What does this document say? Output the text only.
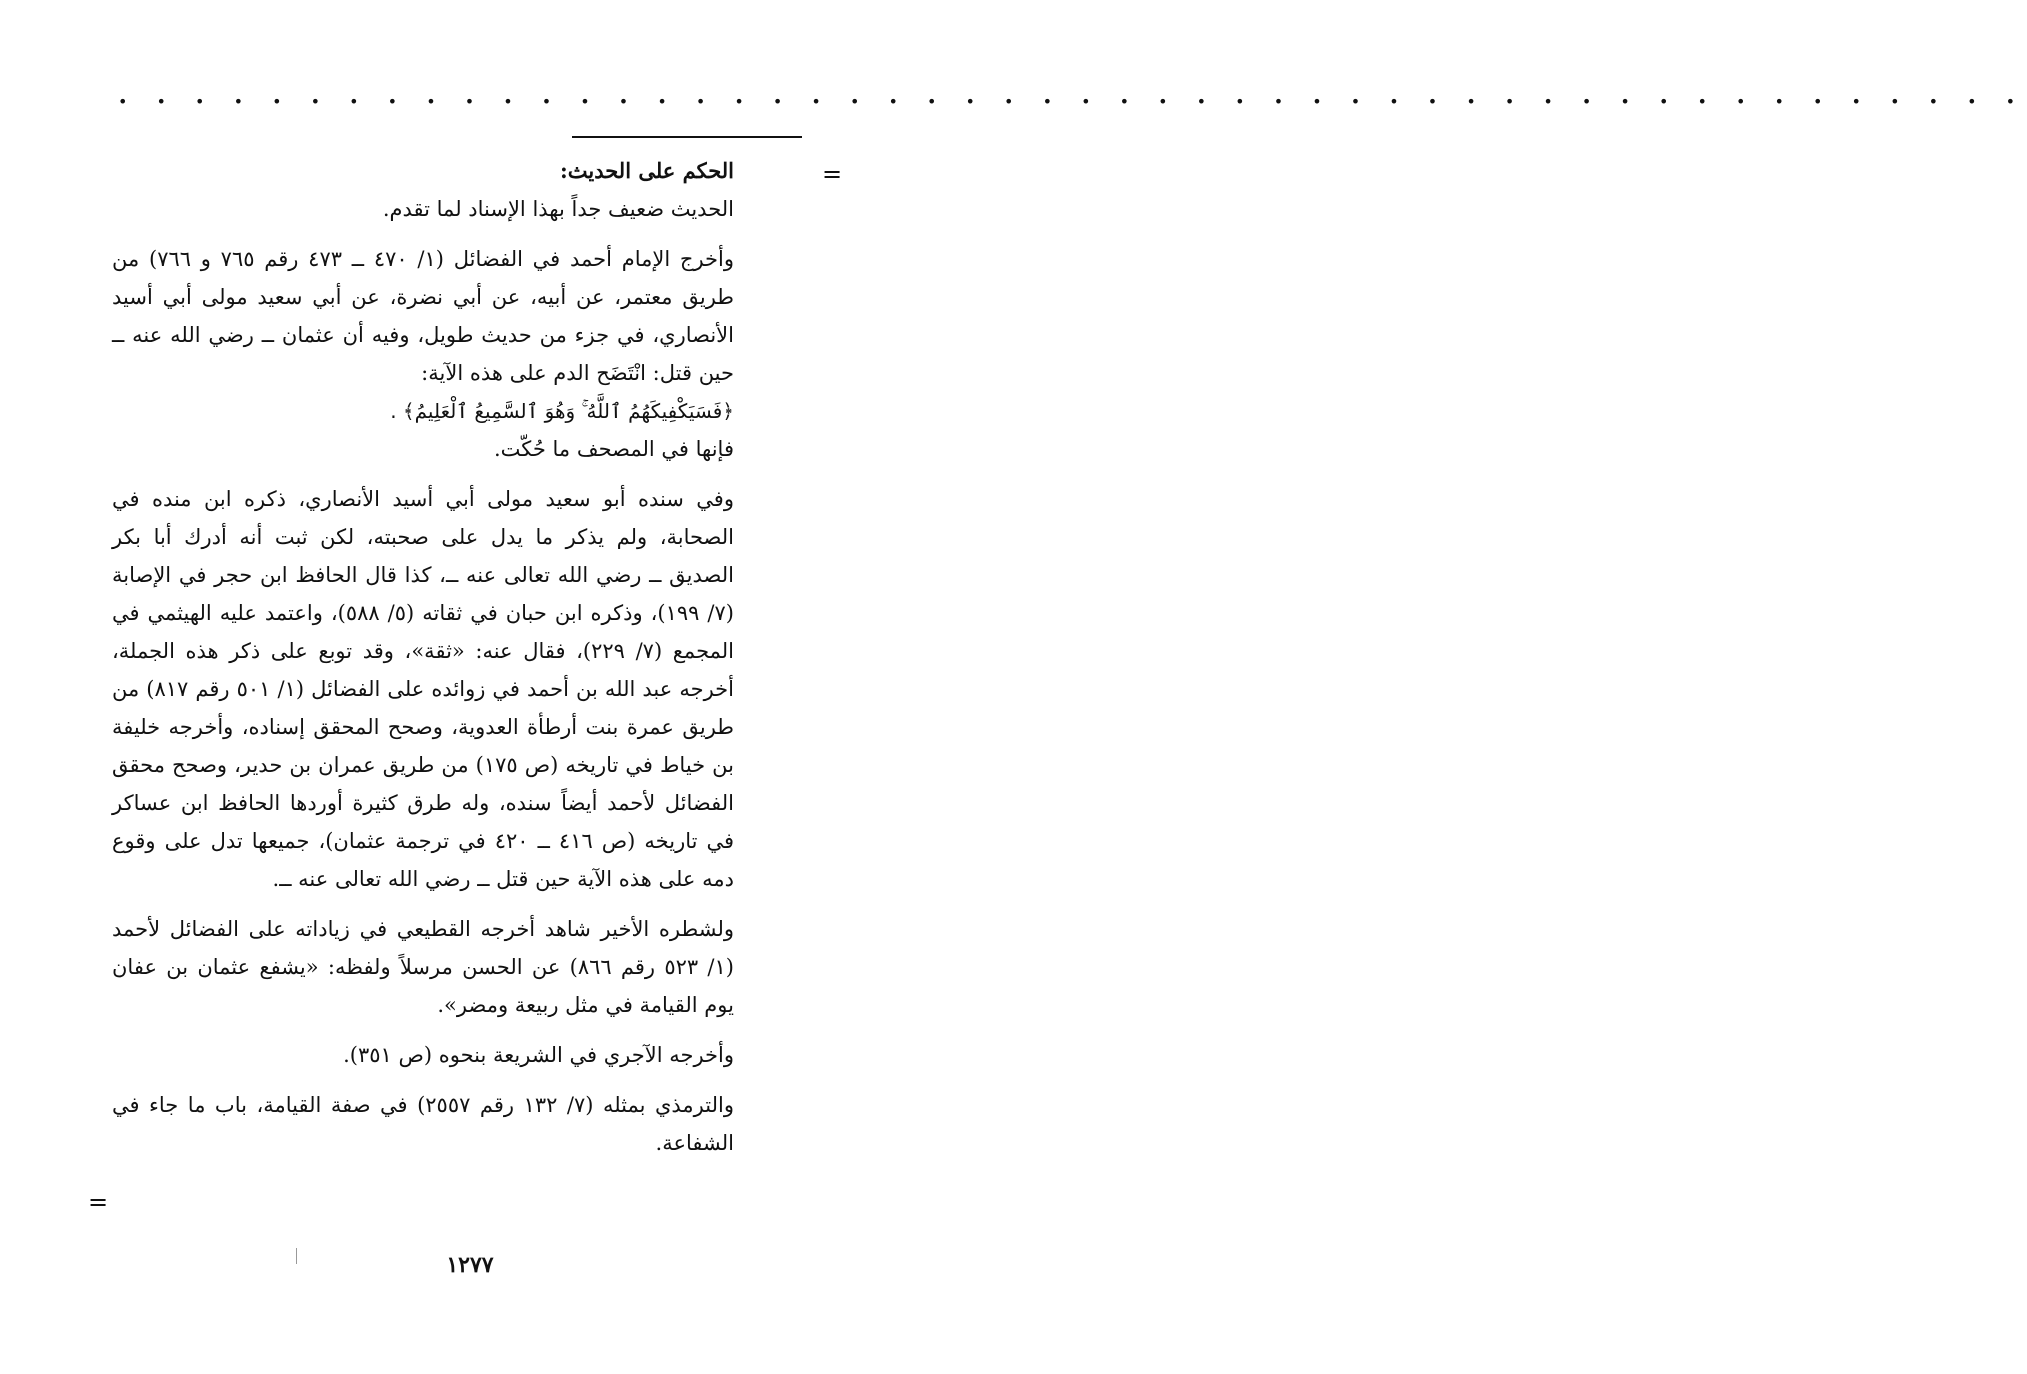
• • • • • • • • • • • • • • • • • • • • • • • • • • • • • • • • • • • • • • • • • • • • • • • • • •
=
=

الحكم على الحديث:

الحديث ضعيف جداً بهذا الإسناد لما تقدم.

وأخرج الإمام أحمد في الفضائل (١/ ٤٧٠ ــ ٤٧٣ رقم ٧٦٥ و ٧٦٦) من طريق معتمر، عن أبيه، عن أبي نضرة، عن أبي سعيد مولى أبي أسيد الأنصاري، في جزء من حديث طويل، وفيه أن عثمان ــ رضي الله عنه ــ حين قتل: انْتَضَح الدم على هذه الآية:
﴿فَسَيَكْفِيكَهُمُ ٱللَّهُ ۚ وَهُوَ ٱلسَّمِيعُ ٱلْعَلِيمُ﴾ .
فإنها في المصحف ما حُكّت.

وفي سنده أبو سعيد مولى أبي أسيد الأنصاري، ذكره ابن منده في الصحابة، ولم يذكر ما يدل على صحبته، لكن ثبت أنه أدرك أبا بكر الصديق ــ رضي الله تعالى عنه ــ، كذا قال الحافظ ابن حجر في الإصابة (٧/ ١٩٩)، وذكره ابن حبان في ثقاته (٥/ ٥٨٨)، واعتمد عليه الهيثمي في المجمع (٧/ ٢٢٩)، فقال عنه: «ثقة»، وقد توبع على ذكر هذه الجملة، أخرجه عبد الله بن أحمد في زوائده على الفضائل (١/ ٥٠١ رقم ٨١٧) من طريق عمرة بنت أرطأة العدوية، وصحح المحقق إسناده، وأخرجه خليفة بن خياط في تاريخه (ص ١٧٥) من طريق عمران بن حدير، وصحح محقق الفضائل لأحمد أيضاً سنده، وله طرق كثيرة أوردها الحافظ ابن عساكر في تاريخه (ص ٤١٦ ــ ٤٢٠ في ترجمة عثمان)، جميعها تدل على وقوع دمه على هذه الآية حين قتل ــ رضي الله تعالى عنه ــ.

ولشطره الأخير شاهد أخرجه القطيعي في زياداته على الفضائل لأحمد (١/ ٥٢٣ رقم ٨٦٦) عن الحسن مرسلاً ولفظه: «يشفع عثمان بن عفان يوم القيامة في مثل ربيعة ومضر».

وأخرجه الآجري في الشريعة بنحوه (ص ٣٥١).

والترمذي بمثله (٧/ ١٣٢ رقم ٢٥٥٧) في صفة القيامة، باب ما جاء في الشفاعة.

١٢٧٧
